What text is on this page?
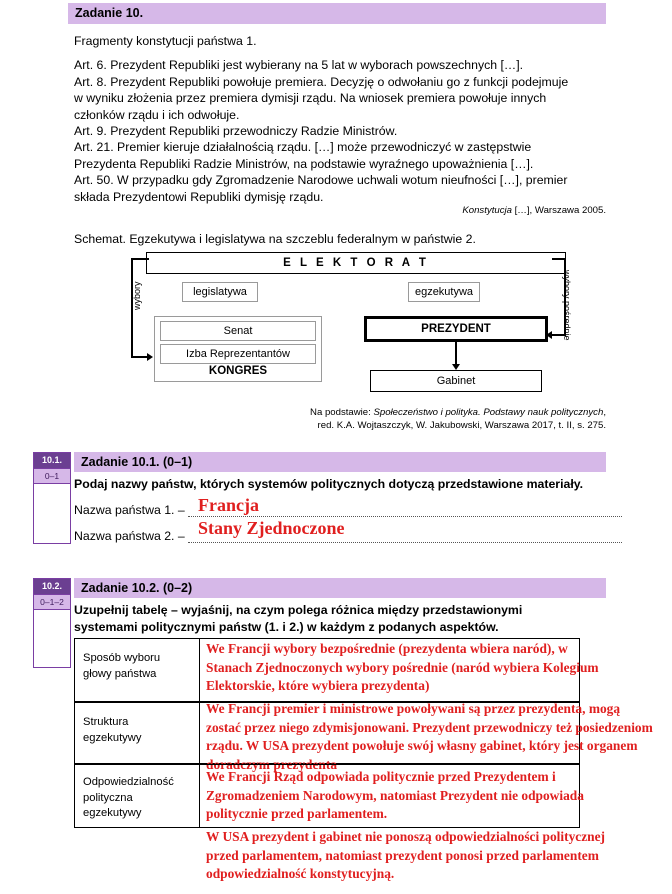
Zadanie 10.

Fragmenty konstytucji państwa 1.

Art. 6. Prezydent Republiki jest wybierany na 5 lat w wyborach powszechnych […].

Art. 8. Prezydent Republiki powołuje premiera. Decyzję o odwołaniu go z funkcji podejmuje

w wyniku złożenia przez premiera dymisji rządu. Na wniosek premiera powołuje innych

członków rządu i ich odwołuje.

Art. 9. Prezydent Republiki przewodniczy Radzie Ministrów.

Art. 21. Premier kieruje działalnością rządu. […] może przewodniczyć w zastępstwie

Prezydenta Republiki Radzie Ministrów, na podstawie wyraźnego upoważnienia […].

Art. 50. W przypadku gdy Zgromadzenie Narodowe uchwali wotum nieufności […], premier

składa Prezydentowi Republiki dymisję rządu.

Konstytucja […], Warszawa 2005.

Schemat. Egzekutywa i legislatywa na szczeblu federalnym w państwie 2.

E L E K T O R A T
wybory	wybory pośrednie
legislatywa	egzekutywa
Senat
Izba Reprezentantów
KONGRES
PREZYDENT
Gabinet
Na podstawie: Społeczeństwo i polityka. Podstawy nauk politycznych,
red. K.A. Wojtaszczyk, W. Jakubowski, Warszawa 2017, t. II, s. 275.
10.1.
0–1
Zadanie 10.1. (0–1)
Podaj nazwy państw, których systemów politycznych dotyczą przedstawione materiały.
Nazwa państwa 1. – Francja
Nazwa państwa 2. – Stany Zjednoczone
10.2.
0–1–2
Zadanie 10.2. (0–2)
Uzupełnij tabelę – wyjaśnij, na czym polega różnica między przedstawionymi
systemami politycznymi państw (1. i 2.) w każdym z podanych aspektów.
Sposób wyboru
głowy państwa
We Francji wybory bezpośrednie (prezydenta wbiera naród), w
Stanach Zjednoczonych wybory pośrednie (naród wybiera Kolegium
Elektorskie, które wybiera prezydenta)
Struktura
egzekutywy
We Francji premier i ministrowe powoływani są przez prezydenta, mogą
zostać przez niego zdymisjonowani. Prezydent przewodniczy też posiedzeniom
rządu. W USA prezydent powołuje swój własny gabinet, który jest organem
doradczym prezydenta
Odpowiedzialność
polityczna
egzekutywy
We Francji Rząd odpowiada politycznie przed Prezydentem i
Zgromadzeniem Narodowym, natomiast Prezydent nie odpowiada
politycznie przed parlamentem.
W USA prezydent i gabinet nie ponoszą odpowiedzialności politycznej
przed parlamentem, natomiast prezydent ponosi przed parlamentem
odpowiedzialność konstytucyjną.
